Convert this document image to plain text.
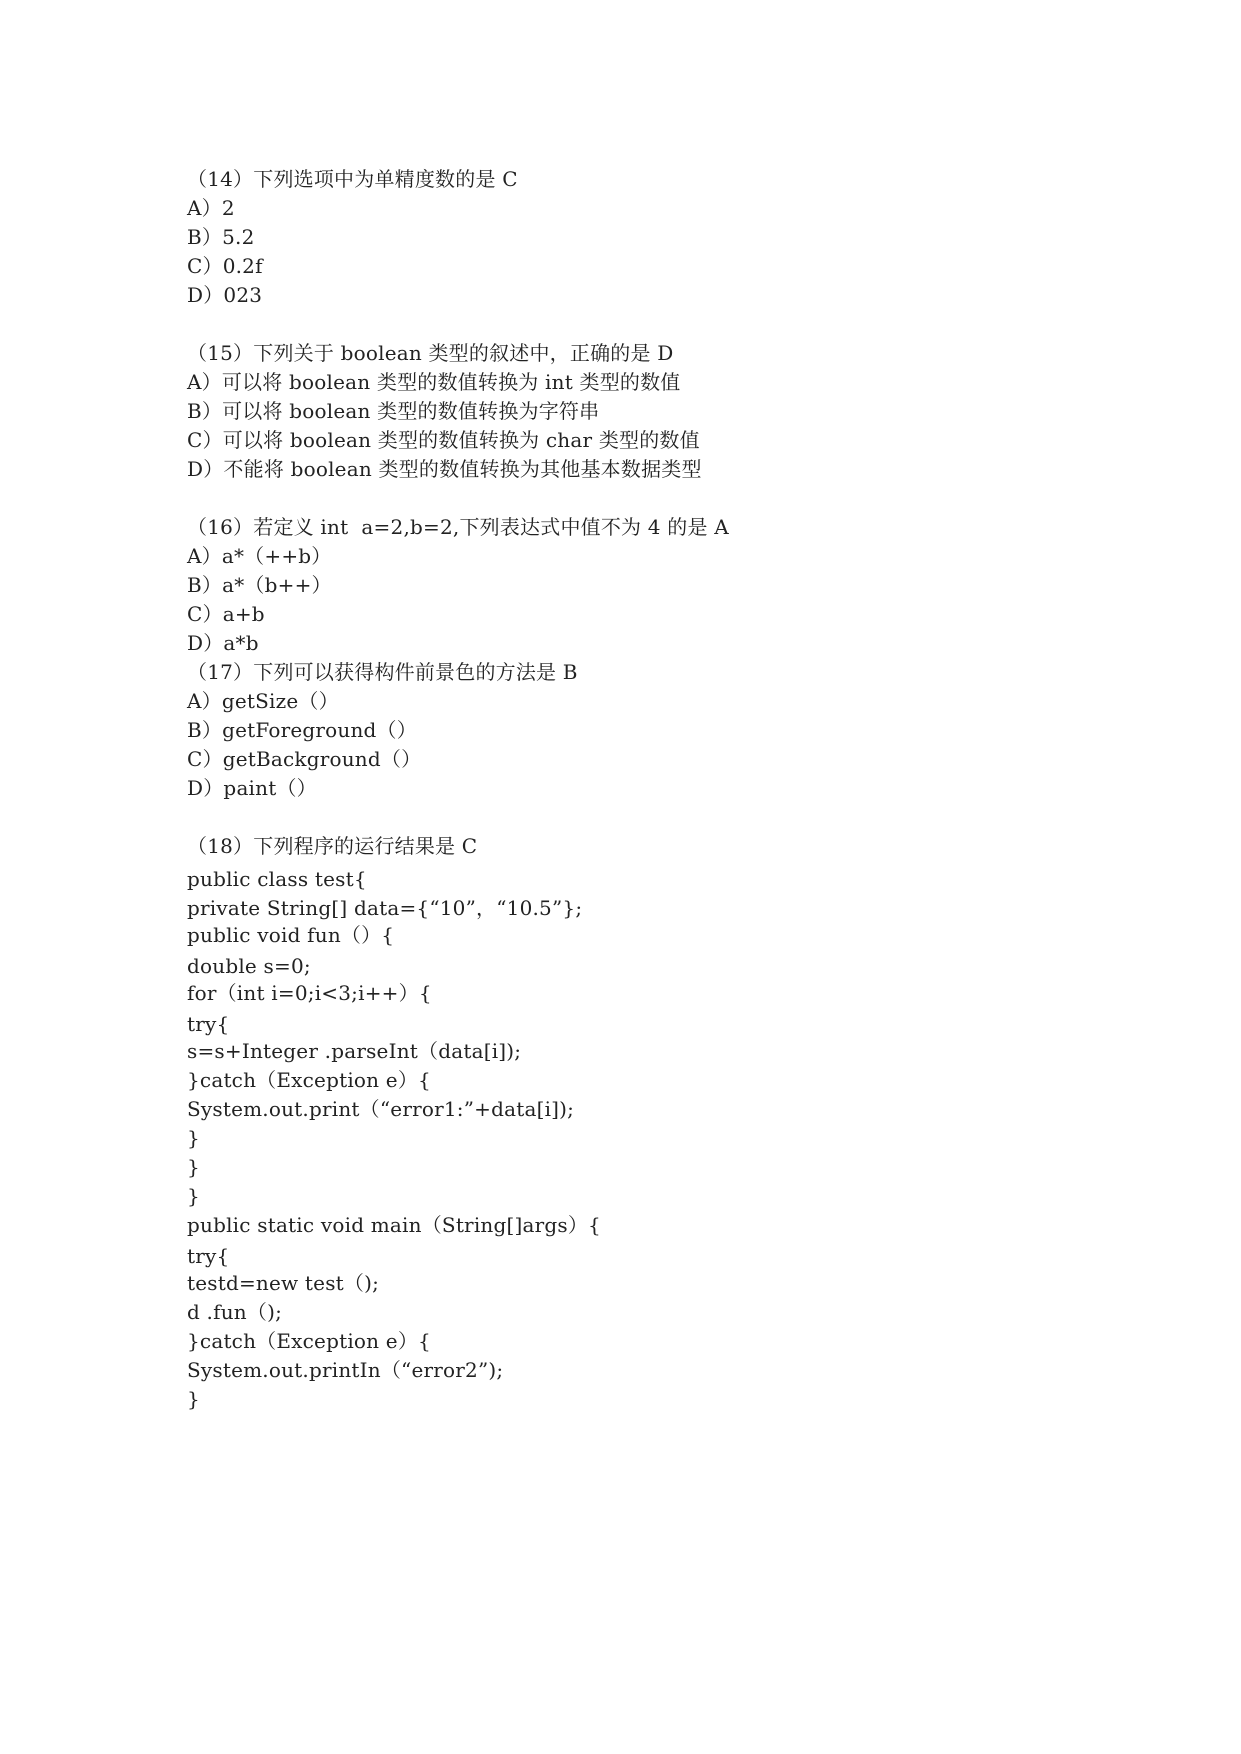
（14）下列选项中为单精度数的是 C
A）2
B）5.2
C）0.2f
D）023
（15）下列关于 boolean 类型的叙述中，正确的是 D
A）可以将 boolean 类型的数值转换为 int 类型的数值
B）可以将 boolean 类型的数值转换为字符串
C）可以将 boolean 类型的数值转换为 char 类型的数值
D）不能将 boolean 类型的数值转换为其他基本数据类型
（16）若定义 int  a=2,b=2,下列表达式中值不为 4 的是 A
A）a*（++b）
B）a*（b++）
C）a+b
D）a*b
（17）下列可以获得构件前景色的方法是 B
A）getSize（）
B）getForeground（）
C）getBackground（）
D）paint（）
（18）下列程序的运行结果是 C
public class test{
private String[] data={“10”，“10.5”};
public void fun（）{
double s=0;
for（int i=0;i<3;i++）{
try{
s=s+Integer .parseInt（data[i]);
}catch（Exception e）{
System.out.print（“error1:”+data[i]);
}
}
}
public static void main（String[]args）{
try{
testd=new test（);
d .fun（);
}catch（Exception e）{
System.out.printIn（“error2”);
}
